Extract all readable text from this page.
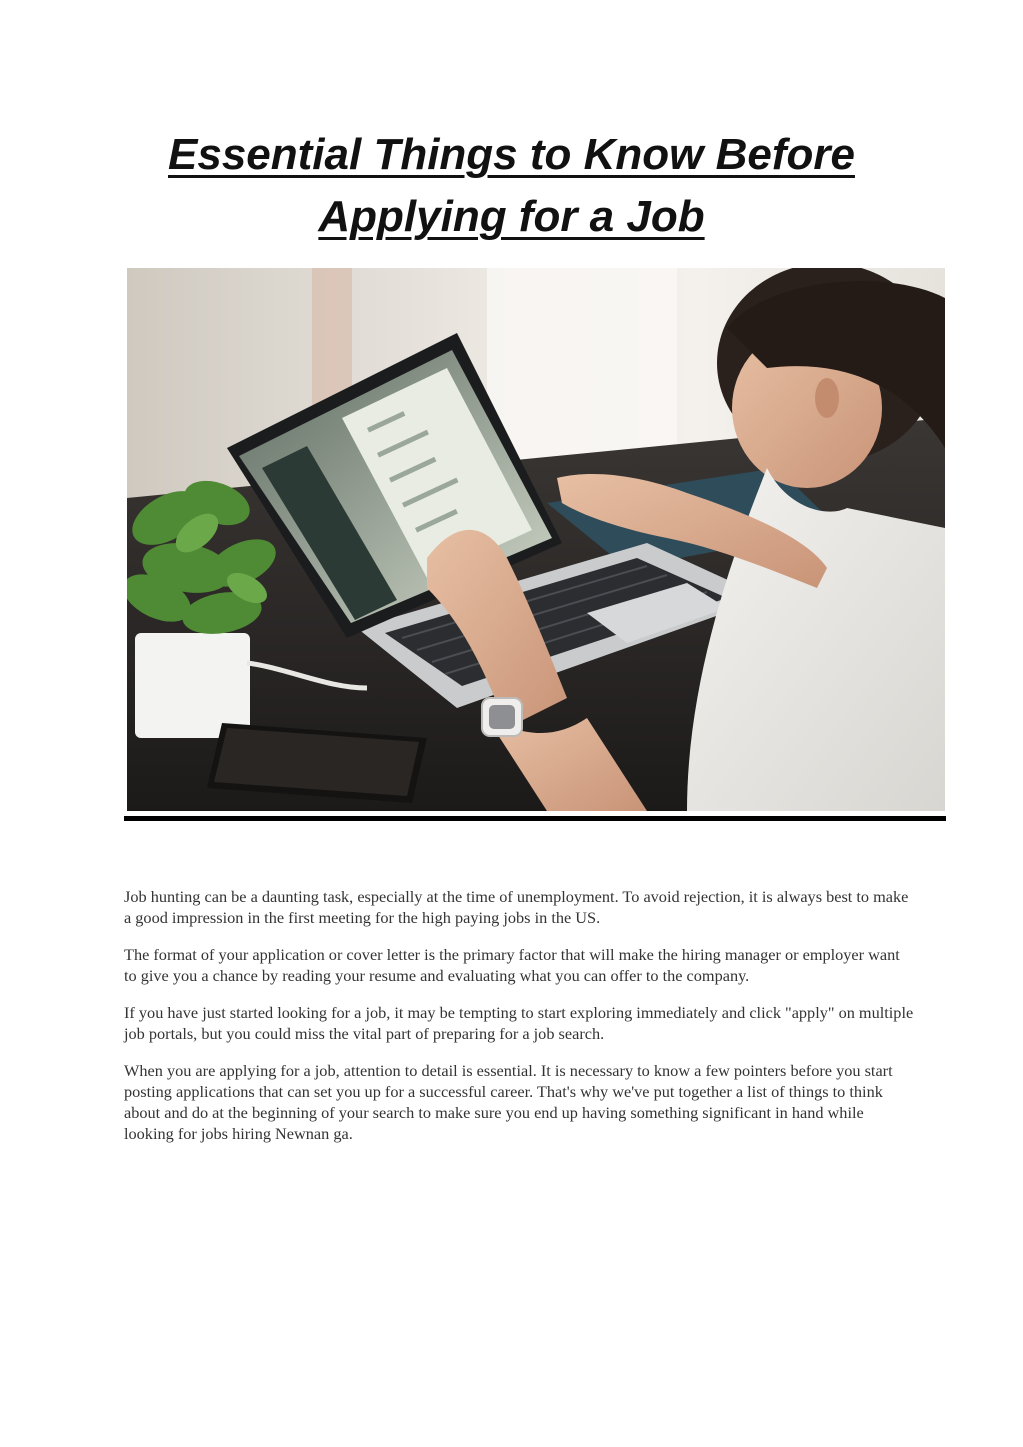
Essential Things to Know Before
Applying for a Job

Job hunting can be a daunting task, especially at the time of unemployment. To avoid rejection, it is always best to make a good impression in the first meeting for the high paying jobs in the US.

The format of your application or cover letter is the primary factor that will make the hiring manager or employer want to give you a chance by reading your resume and evaluating what you can offer to the company.

If you have just started looking for a job, it may be tempting to start exploring immediately and click "apply" on multiple job portals, but you could miss the vital part of preparing for a job search.

When you are applying for a job, attention to detail is essential. It is necessary to know a few pointers before you start posting applications that can set you up for a successful career. That's why we've put together a list of things to think about and do at the beginning of your search to make sure you end up having something significant in hand while looking for jobs hiring Newnan ga.
